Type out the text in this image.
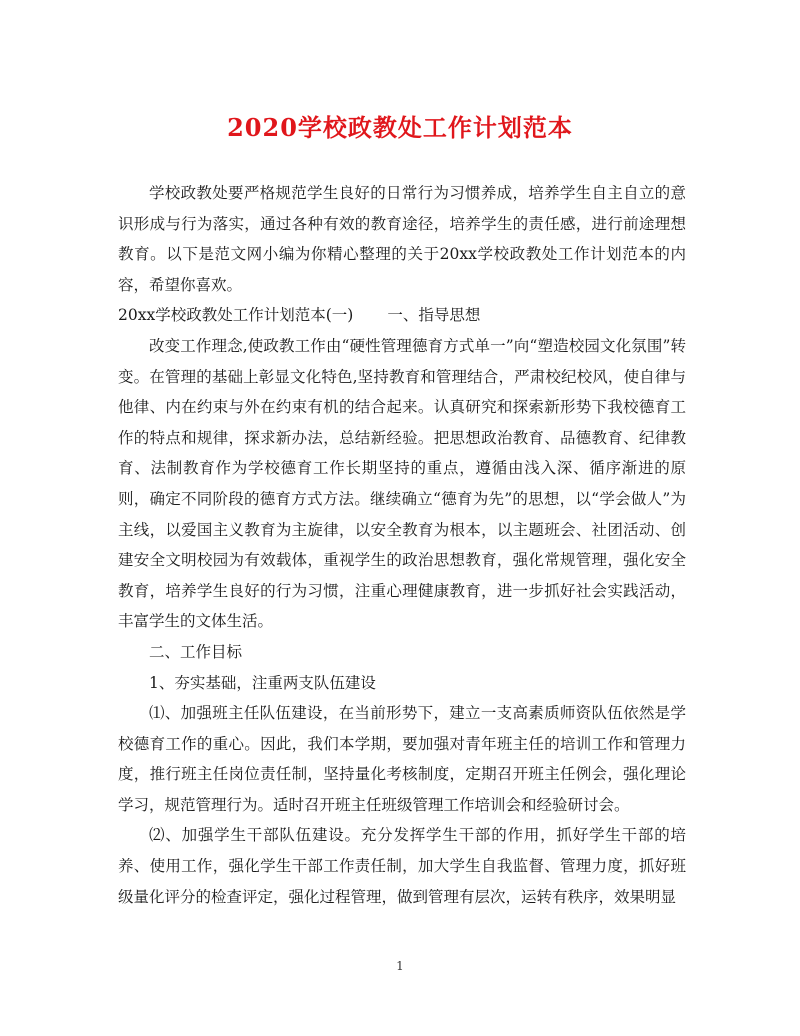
2020学校政教处工作计划范本

学校政教处要严格规范学生良好的日常行为习惯养成，培养学生自主自立的意识形成与行为落实，通过各种有效的教育途径，培养学生的责任感，进行前途理想教育。以下是范文网小编为你精心整理的关于20xx学校政教处工作计划范本的内容，希望你喜欢。

20xx学校政教处工作计划范本(一) 一、指导思想

改变工作理念,使政教工作由“硬性管理德育方式单一”向“塑造校园文化氛围”转变。在管理的基础上彰显文化特色,坚持教育和管理结合，严肃校纪校风，使自律与他律、内在约束与外在约束有机的结合起来。认真研究和探索新形势下我校德育工作的特点和规律，探求新办法，总结新经验。把思想政治教育、品德教育、纪律教育、法制教育作为学校德育工作长期坚持的重点，遵循由浅入深、循序渐进的原则，确定不同阶段的德育方式方法。继续确立“德育为先”的思想，以“学会做人”为主线，以爱国主义教育为主旋律，以安全教育为根本，以主题班会、社团活动、创建安全文明校园为有效载体，重视学生的政治思想教育，强化常规管理，强化安全教育，培养学生良好的行为习惯，注重心理健康教育，进一步抓好社会实践活动，丰富学生的文体生活。

二、工作目标

1、夯实基础，注重两支队伍建设

⑴、加强班主任队伍建设，在当前形势下，建立一支高素质师资队伍依然是学校德育工作的重心。因此，我们本学期，要加强对青年班主任的培训工作和管理力度，推行班主任岗位责任制，坚持量化考核制度，定期召开班主任例会，强化理论学习，规范管理行为。适时召开班主任班级管理工作培训会和经验研讨会。

⑵、加强学生干部队伍建设。充分发挥学生干部的作用，抓好学生干部的培养、使用工作，强化学生干部工作责任制，加大学生自我监督、管理力度，抓好班级量化评分的检查评定，强化过程管理，做到管理有层次，运转有秩序，效果明显

1
